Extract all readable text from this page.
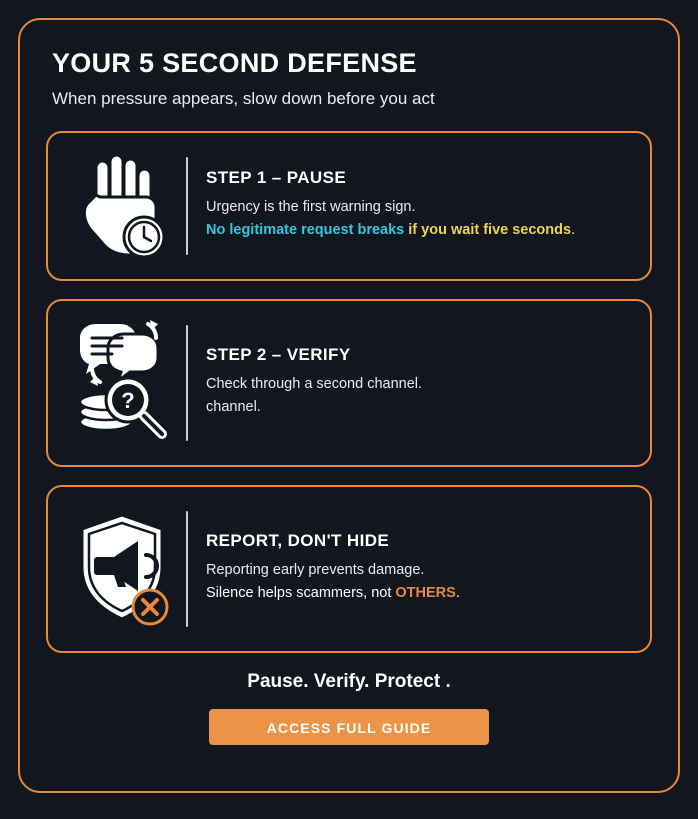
YOUR 5 SECOND DEFENSE
When pressure appears, slow down before you act
STEP 1 – PAUSE
Urgency is the first warning sign.
No legitimate request breaks if you wait five seconds.
?
STEP 2 – VERIFY
Check through a second channel.
channel.
REPORT, DON'T HIDE
Reporting early prevents damage.
Silence helps scammers, not OTHERS.
Pause. Verify. Protect .
ACCESS FULL GUIDE
